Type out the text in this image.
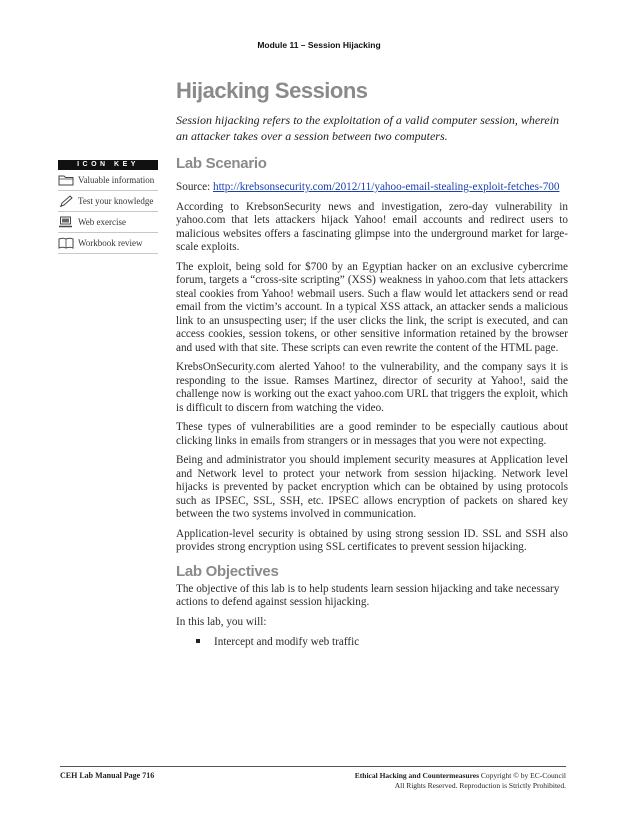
Module 11 – Session Hijacking
Hijacking Sessions

Session hijacking refers to the exploitation of a valid computer session, wherein an attacker takes over a session between two computers.

ICON KEY
Valuable information
Test your knowledge
Web exercise
Workbook review
Lab Scenario

Source: http://krebsonsecurity.com/2012/11/yahoo-email-stealing-exploit-fetches-700

According to KrebsonSecurity news and investigation, zero-day vulnerability in yahoo.com that lets attackers hijack Yahoo! email accounts and redirect users to malicious websites offers a fascinating glimpse into the underground market for large-scale exploits.

The exploit, being sold for $700 by an Egyptian hacker on an exclusive cybercrime forum, targets a “cross-site scripting” (XSS) weakness in yahoo.com that lets attackers steal cookies from Yahoo! webmail users. Such a flaw would let attackers send or read email from the victim’s account. In a typical XSS attack, an attacker sends a malicious link to an unsuspecting user; if the user clicks the link, the script is executed, and can access cookies, session tokens, or other sensitive information retained by the browser and used with that site. These scripts can even rewrite the content of the HTML page.

KrebsOnSecurity.com alerted Yahoo! to the vulnerability, and the company says it is responding to the issue. Ramses Martinez, director of security at Yahoo!, said the challenge now is working out the exact yahoo.com URL that triggers the exploit, which is difficult to discern from watching the video.

These types of vulnerabilities are a good reminder to be especially cautious about clicking links in emails from strangers or in messages that you were not expecting.

Being and administrator you should implement security measures at Application level and Network level to protect your network from session hijacking. Network level hijacks is prevented by packet encryption which can be obtained by using protocols such as IPSEC, SSL, SSH, etc. IPSEC allows encryption of packets on shared key between the two systems involved in communication.

Application-level security is obtained by using strong session ID. SSL and SSH also provides strong encryption using SSL certificates to prevent session hijacking.

Lab Objectives

The objective of this lab is to help students learn session hijacking and take necessary actions to defend against session hijacking.

In this lab, you will:

Intercept and modify web traffic
CEH Lab Manual Page 716	Ethical Hacking and Countermeasures Copyright © by EC-Council
All Rights Reserved. Reproduction is Strictly Prohibited.
